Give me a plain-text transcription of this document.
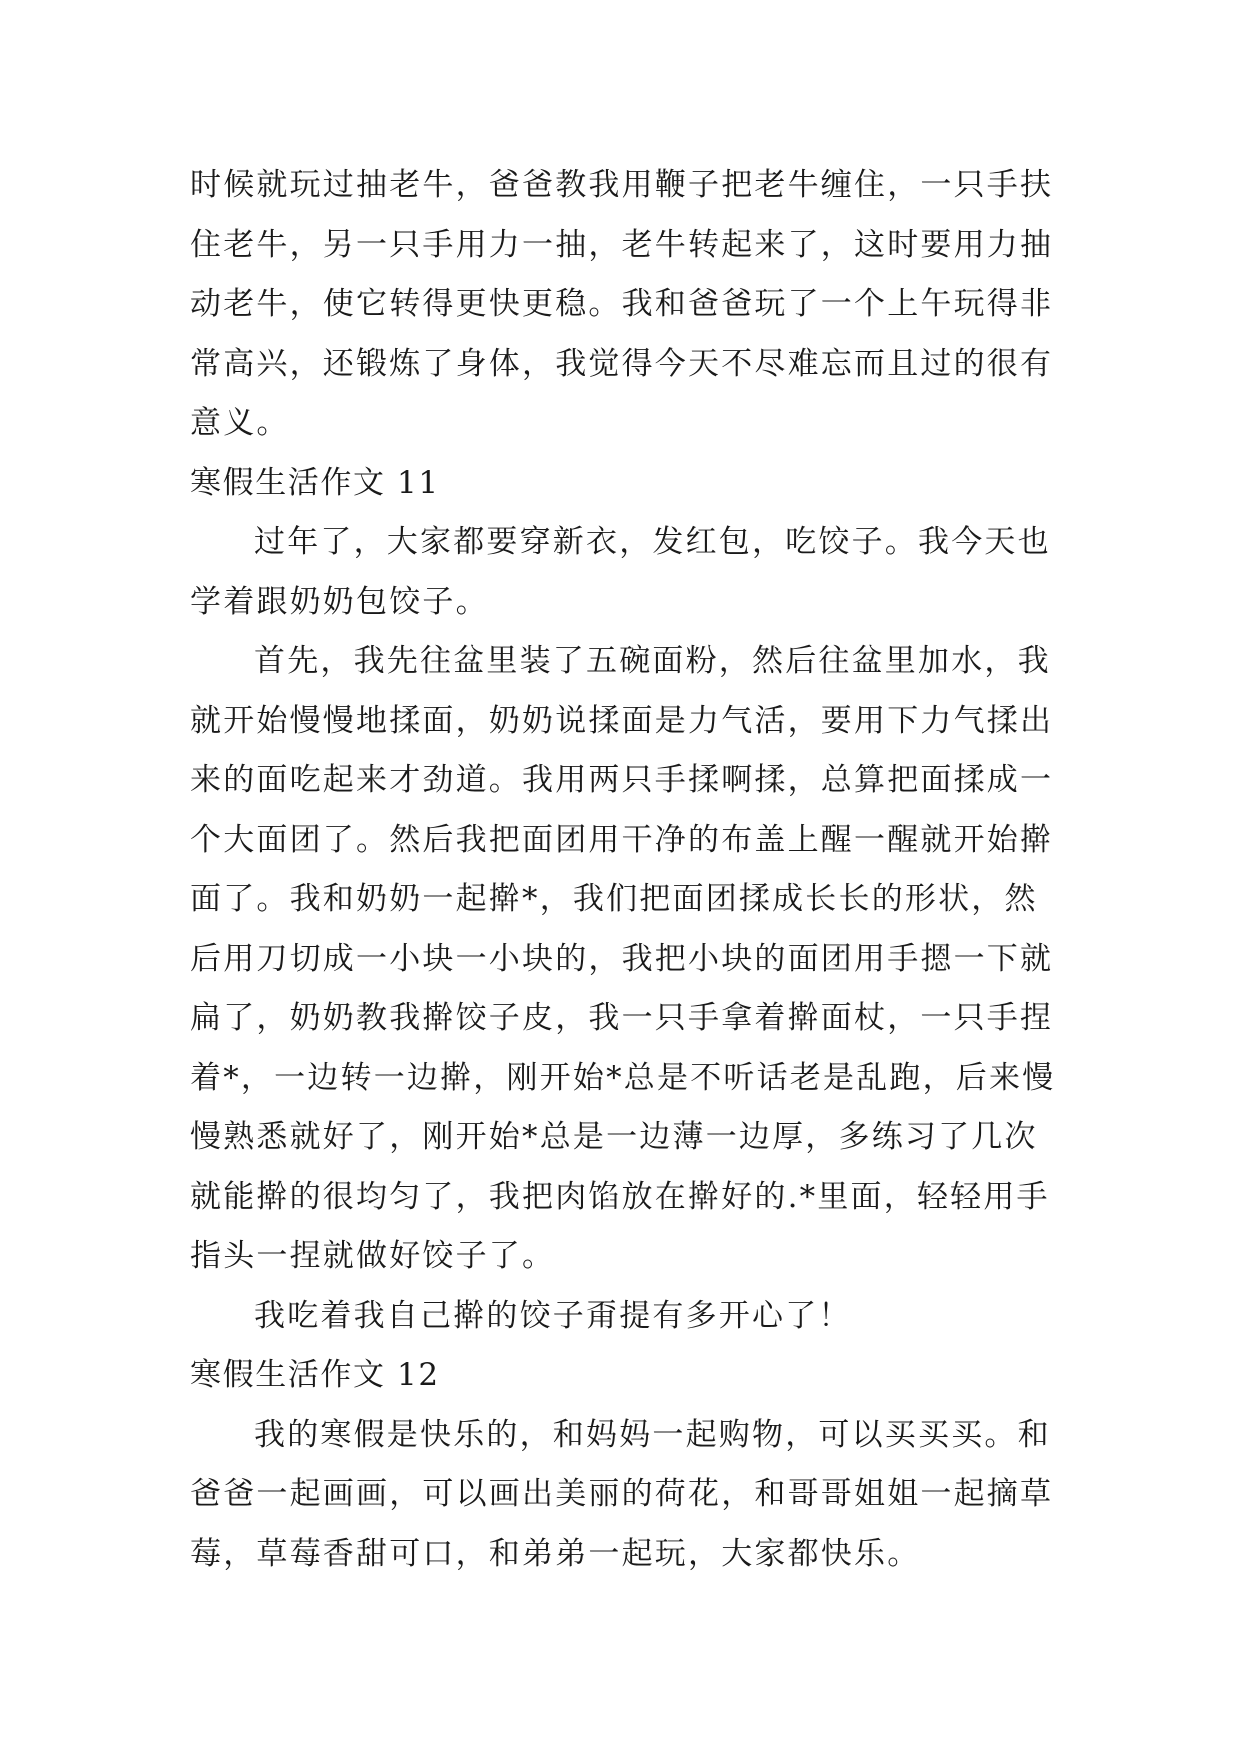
时候就玩过抽老牛，爸爸教我用鞭子把老牛缠住，一只手扶
住老牛，另一只手用力一抽，老牛转起来了，这时要用力抽
动老牛，使它转得更快更稳。我和爸爸玩了一个上午玩得非
常高兴，还锻炼了身体，我觉得今天不尽难忘而且过的很有
意义。
寒假生活作文 11
过年了，大家都要穿新衣，发红包，吃饺子。我今天也
学着跟奶奶包饺子。
首先，我先往盆里装了五碗面粉，然后往盆里加水，我
就开始慢慢地揉面，奶奶说揉面是力气活，要用下力气揉出
来的面吃起来才劲道。我用两只手揉啊揉，总算把面揉成一
个大面团了。然后我把面团用干净的布盖上醒一醒就开始擀
面了。我和奶奶一起擀*，我们把面团揉成长长的形状，然
后用刀切成一小块一小块的，我把小块的面团用手摁一下就
扁了，奶奶教我擀饺子皮，我一只手拿着擀面杖，一只手捏
着*，一边转一边擀，刚开始*总是不听话老是乱跑，后来慢
慢熟悉就好了，刚开始*总是一边薄一边厚，多练习了几次
就能擀的很均匀了，我把肉馅放在擀好的.*里面，轻轻用手
指头一捏就做好饺子了。
我吃着我自己擀的饺子甭提有多开心了！
寒假生活作文 12
我的寒假是快乐的，和妈妈一起购物，可以买买买。和
爸爸一起画画，可以画出美丽的荷花，和哥哥姐姐一起摘草
莓，草莓香甜可口，和弟弟一起玩，大家都快乐。
